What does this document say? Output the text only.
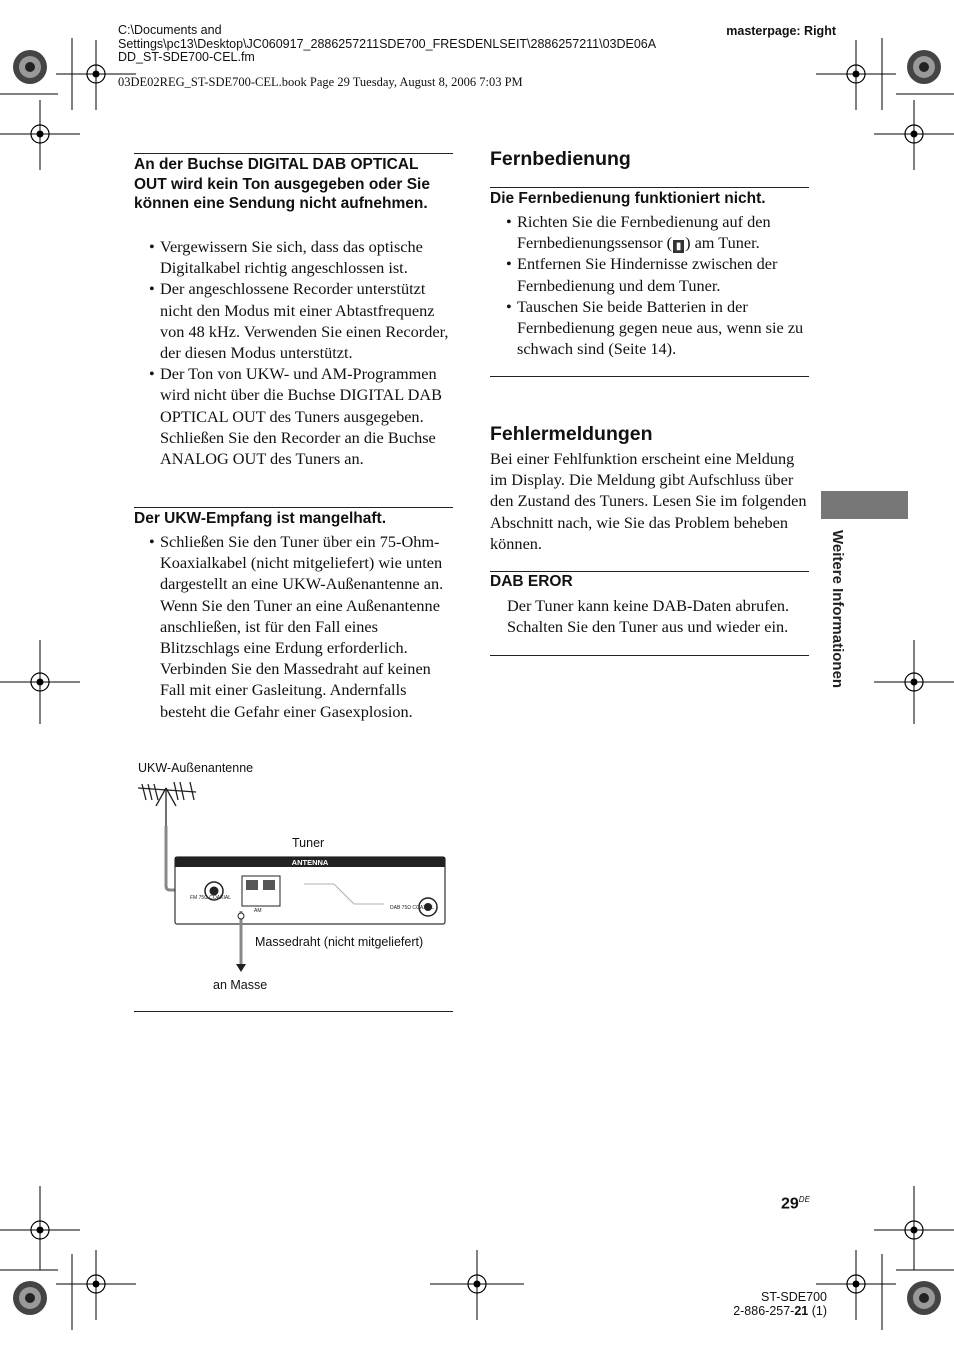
C:\Documents and
Settings\pc13\Desktop\JC060917_2886257211SDE700_FRESDENLSEIT\2886257211\03DE06A
DD_ST-SDE700-CEL.fm
masterpage: Right
03DE02REG_ST-SDE700-CEL.book Page 29 Tuesday, August 8, 2006 7:03 PM
An der Buchse DIGITAL DAB OPTICAL OUT wird kein Ton ausgegeben oder Sie können eine Sendung nicht aufnehmen.
• Vergewissern Sie sich, dass das optische Digitalkabel richtig angeschlossen ist.
• Der angeschlossene Recorder unterstützt nicht den Modus mit einer Abtastfrequenz von 48 kHz. Verwenden Sie einen Recorder, der diesen Modus unterstützt.
• Der Ton von UKW- und AM-Programmen wird nicht über die Buchse DIGITAL DAB OPTICAL OUT des Tuners ausgegeben. Schließen Sie den Recorder an die Buchse ANALOG OUT des Tuners an.
Der UKW-Empfang ist mangelhaft.
• Schließen Sie den Tuner über ein 75-Ohm-Koaxialkabel (nicht mitgeliefert) wie unten dargestellt an eine UKW-Außenantenne an. Wenn Sie den Tuner an eine Außenantenne anschließen, ist für den Fall eines Blitzschlags eine Erdung erforderlich. Verbinden Sie den Massedraht auf keinen Fall mit einer Gasleitung. Andernfalls besteht die Gefahr einer Gasexplosion.
UKW-Außenantenne
Tuner
Massedraht (nicht mitgeliefert)
an Masse
ANTENNA
FM 75Ω COAXIAL
AM	DAB 75Ω COAXIAL
Fernbedienung
Die Fernbedienung funktioniert nicht.
• Richten Sie die Fernbedienung auf den Fernbedienungssensor ( ▮ ) am Tuner.
• Entfernen Sie Hindernisse zwischen der Fernbedienung und dem Tuner.
• Tauschen Sie beide Batterien in der Fernbedienung gegen neue aus, wenn sie zu schwach sind (Seite 14).
Fehlermeldungen
Bei einer Fehlfunktion erscheint eine Meldung im Display. Die Meldung gibt Aufschluss über den Zustand des Tuners. Lesen Sie im folgenden Abschnitt nach, wie Sie das Problem beheben können.
DAB EROR
Der Tuner kann keine DAB-Daten abrufen. Schalten Sie den Tuner aus und wieder ein.	Weitere Informationen
29DE
ST-SDE700
2-886-257-21 (1)
